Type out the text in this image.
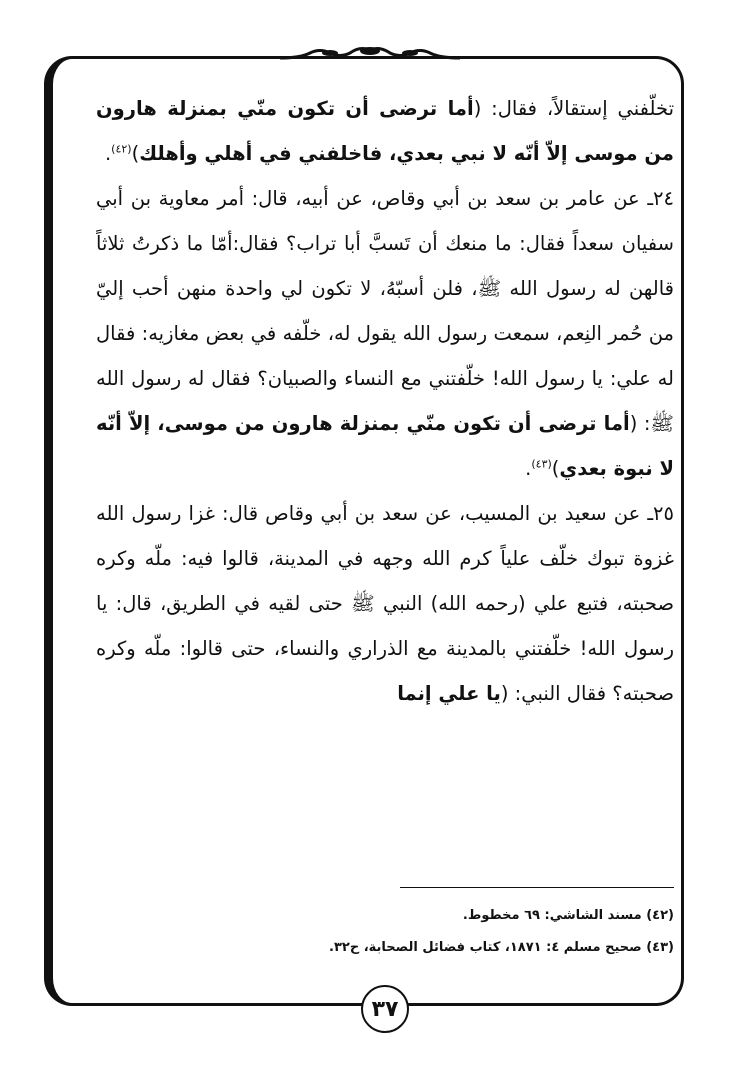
تخلّفني إستقالاً، فقال: (أما ترضى أن تكون منّي بمنزلة هارون من موسى إلاّ أنّه لا نبي بعدي، فاخلفني في أهلي وأهلك)$^{(٤٢)}$.

٢٤ـ عن عامر بن سعد بن أبي وقاص، عن أبيه، قال: أمر معاوية بن أبي سفيان سعداً فقال: ما منعك أن تَسبَّ أبا تراب؟ فقال:أمّا ما ذكرتُ ثلاثاً قالهن له رسول الله ﷺ، فلن أسبّهُ، لا تكون لي واحدة منهن أحب إليّ من حُمر النِعم، سمعت رسول الله يقول له، خلّفه في بعض مغازيه: فقال له علي: يا رسول الله! خلّفتني مع النساء والصبيان؟ فقال له رسول الله ﷺ: (أما ترضى أن تكون منّي بمنزلة هارون من موسى، إلاّ أنّه لا نبوة بعدي)$^{(٤٣)}$.

٢٥ـ عن سعيد بن المسيب، عن سعد بن أبي وقاص قال: غزا رسول الله غزوة تبوك خلّف علياً كرم الله وجهه في المدينة، قالوا فيه: ملّه وكره صحبته، فتبع علي (رحمه الله) النبي ﷺ حتى لقيه في الطريق، قال: يا رسول الله! خلّفتني بالمدينة مع الذراري والنساء، حتى قالوا: ملّه وكره صحبته؟ فقال النبي: (يا علي إنما

(٤٢) مسند الشاشي: ٦٩ مخطوط.

(٤٣) صحيح مسلم ٤: ١٨٧١، كتاب فضائل الصحابة، ح٣٢.

٣٧
